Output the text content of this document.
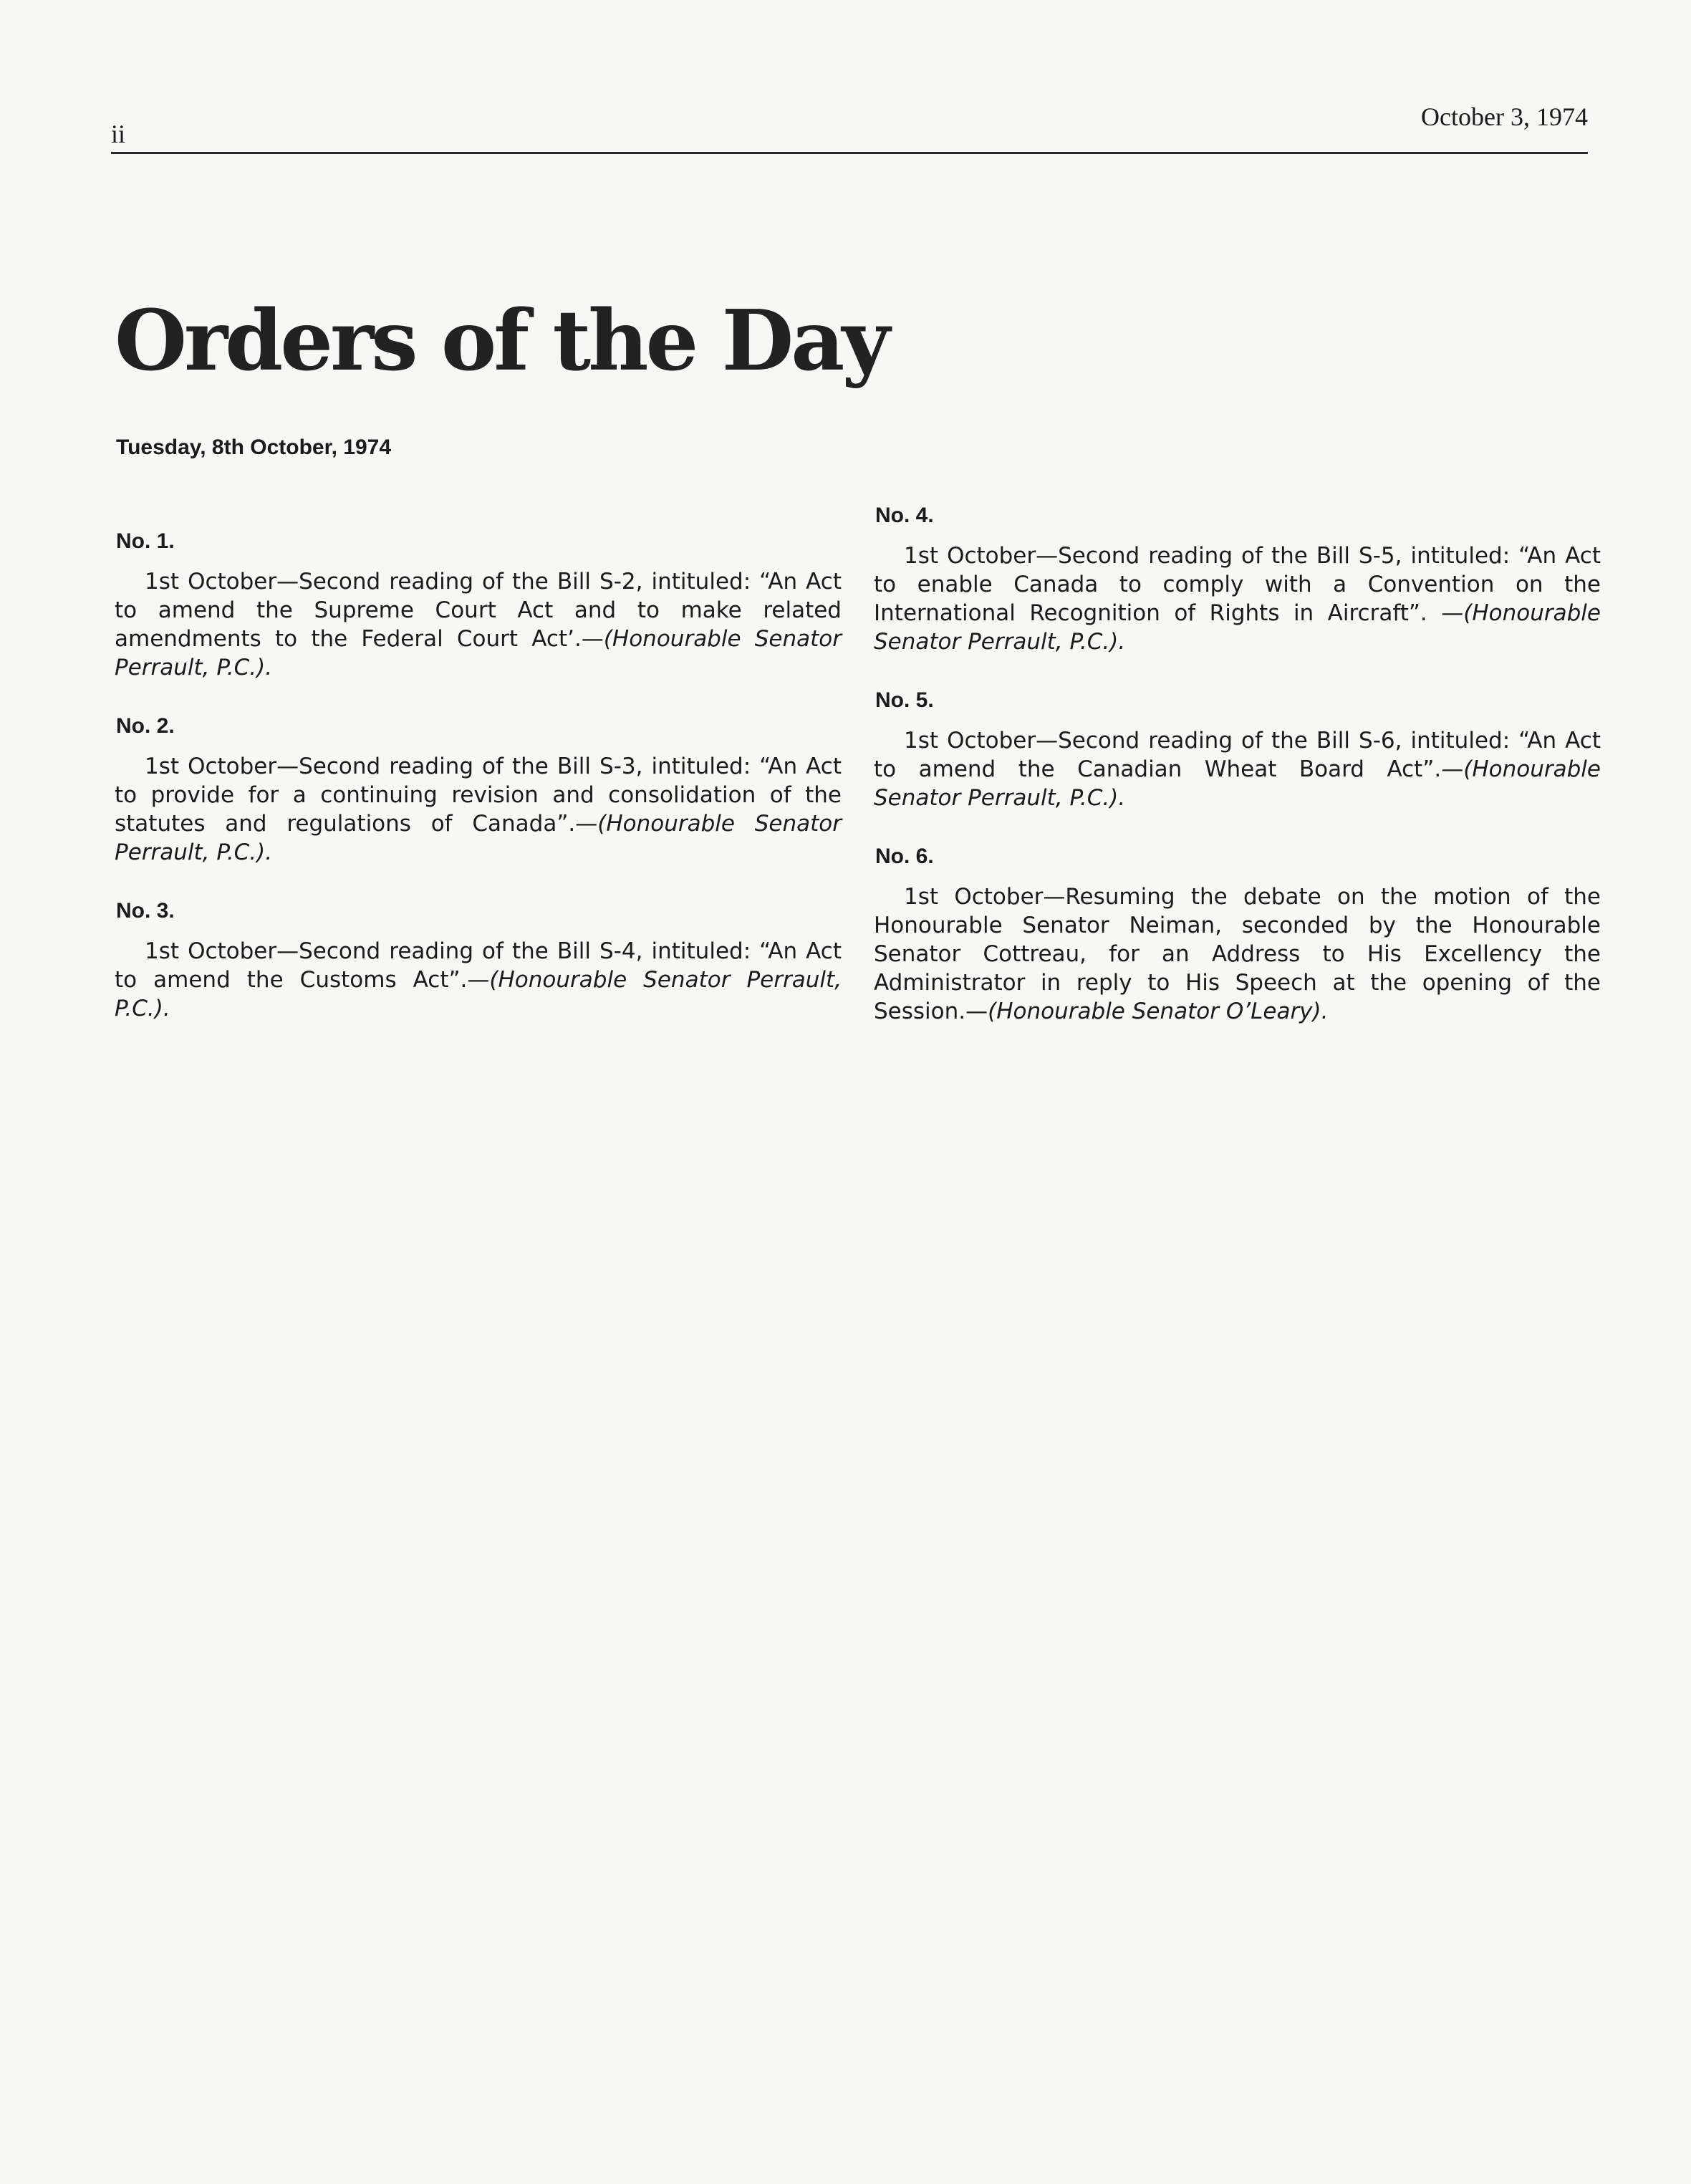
ii
October 3, 1974
Orders of the Day
Tuesday, 8th October, 1974
No. 1.

1st October—Second reading of the Bill S-2, intituled: “An Act to amend the Supreme Court Act and to make related amendments to the Federal Court Act’.—(Honourable Senator Perrault, P.C.).

No. 2.

1st October—Second reading of the Bill S-3, intituled: “An Act to provide for a continuing revision and consolidation of the statutes and regulations of Canada”.—(Honourable Senator Perrault, P.C.).

No. 3.

1st October—Second reading of the Bill S-4, intituled: “An Act to amend the Customs Act”.—(Honourable Senator Perrault, P.C.).

No. 4.

1st October—Second reading of the Bill S-5, intituled: “An Act to enable Canada to comply with a Convention on the International Recognition of Rights in Aircraft”. —(Honourable Senator Perrault, P.C.).

No. 5.

1st October—Second reading of the Bill S-6, intituled: “An Act to amend the Canadian Wheat Board Act”.—(Honourable Senator Perrault, P.C.).

No. 6.

1st October—Resuming the debate on the motion of the Honourable Senator Neiman, seconded by the Honourable Senator Cottreau, for an Address to His Excellency the Administrator in reply to His Speech at the opening of the Session.—(Honourable Senator O’Leary).
